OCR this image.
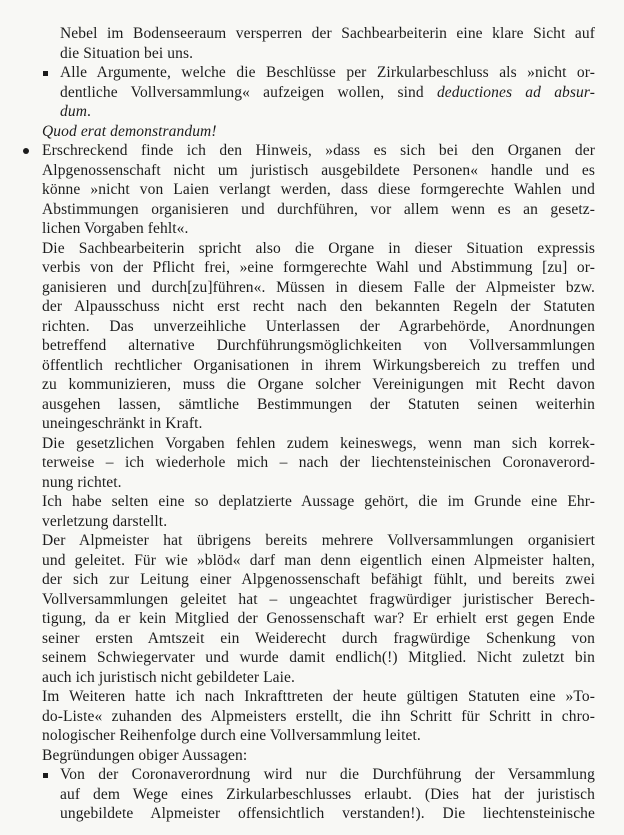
Nebel im Bodenseeraum versperren der Sachbearbeiterin eine klare Sicht auf
die Situation bei uns.
Alle Argumente, welche die Beschlüsse per Zirkularbeschluss als »nicht or-
dentliche Vollversammlung« aufzeigen wollen, sind deductiones ad absur-
dum.
Quod erat demonstrandum!
Erschreckend finde ich den Hinweis, »dass es sich bei den Organen der
Alpgenossenschaft nicht um juristisch ausgebildete Personen« handle und es
könne »nicht von Laien verlangt werden, dass diese formgerechte Wahlen und
Abstimmungen organisieren und durchführen, vor allem wenn es an gesetz-
lichen Vorgaben fehlt«.
Die Sachbearbeiterin spricht also die Organe in dieser Situation expressis
verbis von der Pflicht frei, »eine formgerechte Wahl und Abstimmung [zu] or-
ganisieren und durch[zu]führen«. Müssen in diesem Falle der Alpmeister bzw.
der Alpausschuss nicht erst recht nach den bekannten Regeln der Statuten
richten. Das unverzeihliche Unterlassen der Agrarbehörde, Anordnungen
betreffend alternative Durchführungsmöglichkeiten von Vollversammlungen
öffentlich rechtlicher Organisationen in ihrem Wirkungsbereich zu treffen und
zu kommunizieren, muss die Organe solcher Vereinigungen mit Recht davon
ausgehen lassen, sämtliche Bestimmungen der Statuten seinen weiterhin
uneingeschränkt in Kraft.
Die gesetzlichen Vorgaben fehlen zudem keineswegs, wenn man sich korrek-
terweise – ich wiederhole mich – nach der liechtensteinischen Coronaverord-
nung richtet.
Ich habe selten eine so deplatzierte Aussage gehört, die im Grunde eine Ehr-
verletzung darstellt.
Der Alpmeister hat übrigens bereits mehrere Vollversammlungen organisiert
und geleitet. Für wie »blöd« darf man denn eigentlich einen Alpmeister halten,
der sich zur Leitung einer Alpgenossenschaft befähigt fühlt, und bereits zwei
Vollversammlungen geleitet hat – ungeachtet fragwürdiger juristischer Berech-
tigung, da er kein Mitglied der Genossenschaft war? Er erhielt erst gegen Ende
seiner ersten Amtszeit ein Weiderecht durch fragwürdige Schenkung von
seinem Schwiegervater und wurde damit endlich(!) Mitglied. Nicht zuletzt bin
auch ich juristisch nicht gebildeter Laie.
Im Weiteren hatte ich nach Inkrafttreten der heute gültigen Statuten eine »To-
do-Liste« zuhanden des Alpmeisters erstellt, die ihn Schritt für Schritt in chro-
nologischer Reihenfolge durch eine Vollversammlung leitet.
Begründungen obiger Aussagen:
Von der Coronaverordnung wird nur die Durchführung der Versammlung
auf dem Wege eines Zirkularbeschlusses erlaubt. (Dies hat der juristisch
ungebildete Alpmeister offensichtlich verstanden!). Die liechtensteinische
